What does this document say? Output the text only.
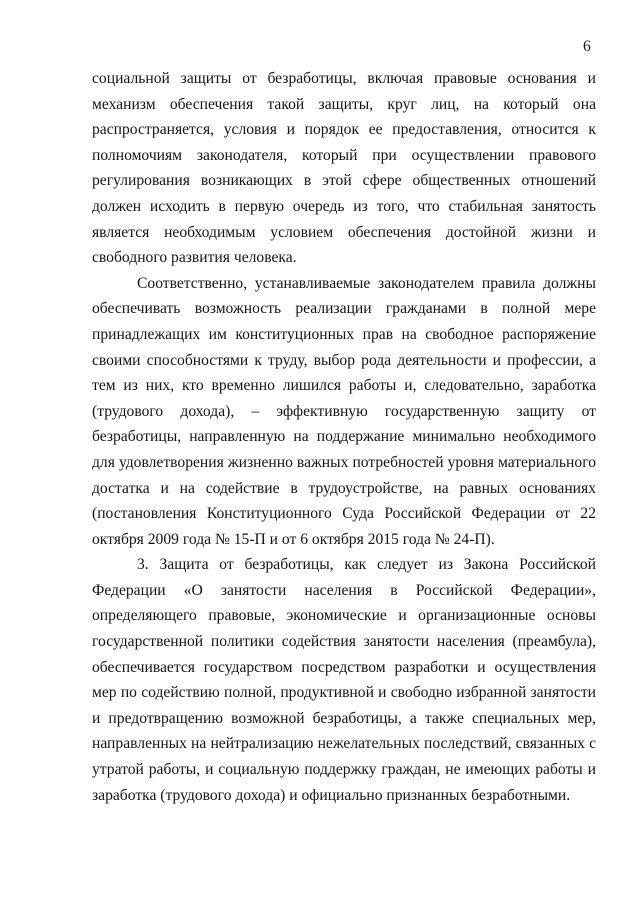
6

социальной защиты от безработицы, включая правовые основания и механизм обеспечения такой защиты, круг лиц, на который она распространяется, условия и порядок ее предоставления, относится к полномочиям законодателя, который при осуществлении правового регулирования возникающих в этой сфере общественных отношений должен исходить в первую очередь из того, что стабильная занятость является необходимым условием обеспечения достойной жизни и свободного развития человека.

Соответственно, устанавливаемые законодателем правила должны обеспечивать возможность реализации гражданами в полной мере принадлежащих им конституционных прав на свободное распоряжение своими способностями к труду, выбор рода деятельности и профессии, а тем из них, кто временно лишился работы и, следовательно, заработка (трудового дохода), – эффективную государственную защиту от безработицы, направленную на поддержание минимально необходимого для удовлетворения жизненно важных потребностей уровня материального достатка и на содействие в трудоустройстве, на равных основаниях (постановления Конституционного Суда Российской Федерации от 22 октября 2009 года № 15-П и от 6 октября 2015 года № 24-П).

3. Защита от безработицы, как следует из Закона Российской Федерации «О занятости населения в Российской Федерации», определяющего правовые, экономические и организационные основы государственной политики содействия занятости населения (преамбула), обеспечивается государством посредством разработки и осуществления мер по содействию полной, продуктивной и свободно избранной занятости и предотвращению возможной безработицы, а также специальных мер, направленных на нейтрализацию нежелательных последствий, связанных с утратой работы, и социальную поддержку граждан, не имеющих работы и заработка (трудового дохода) и официально признанных безработными.
